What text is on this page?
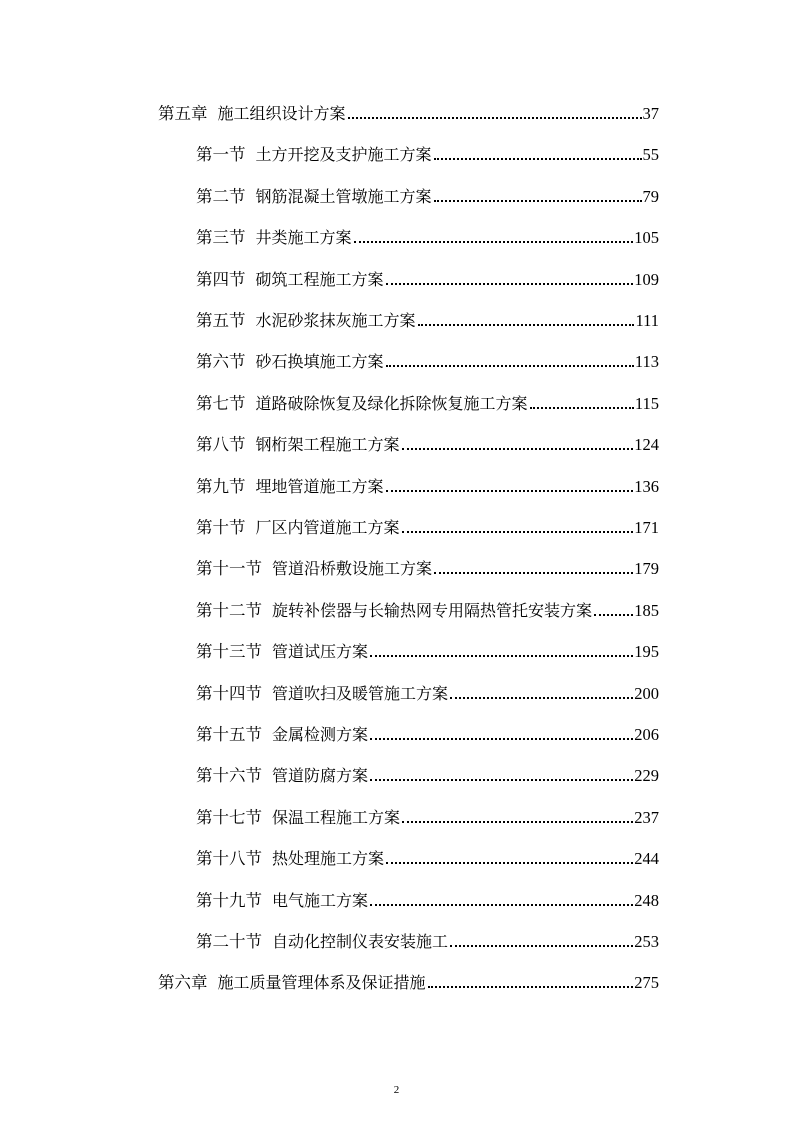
第五章 施工组织设计方案	37
第一节 土方开挖及支护施工方案	55
第二节 钢筋混凝土管墩施工方案	79
第三节 井类施工方案	105
第四节 砌筑工程施工方案	109
第五节 水泥砂浆抹灰施工方案	111
第六节 砂石换填施工方案	113
第七节 道路破除恢复及绿化拆除恢复施工方案	115
第八节 钢桁架工程施工方案	124
第九节 埋地管道施工方案	136
第十节 厂区内管道施工方案	171
第十一节 管道沿桥敷设施工方案	179
第十二节 旋转补偿器与长输热网专用隔热管托安装方案	185
第十三节 管道试压方案	195
第十四节 管道吹扫及暖管施工方案	200
第十五节 金属检测方案	206
第十六节 管道防腐方案	229
第十七节 保温工程施工方案	237
第十八节 热处理施工方案	244
第十九节 电气施工方案	248
第二十节 自动化控制仪表安装施工	253
第六章 施工质量管理体系及保证措施	275
2
